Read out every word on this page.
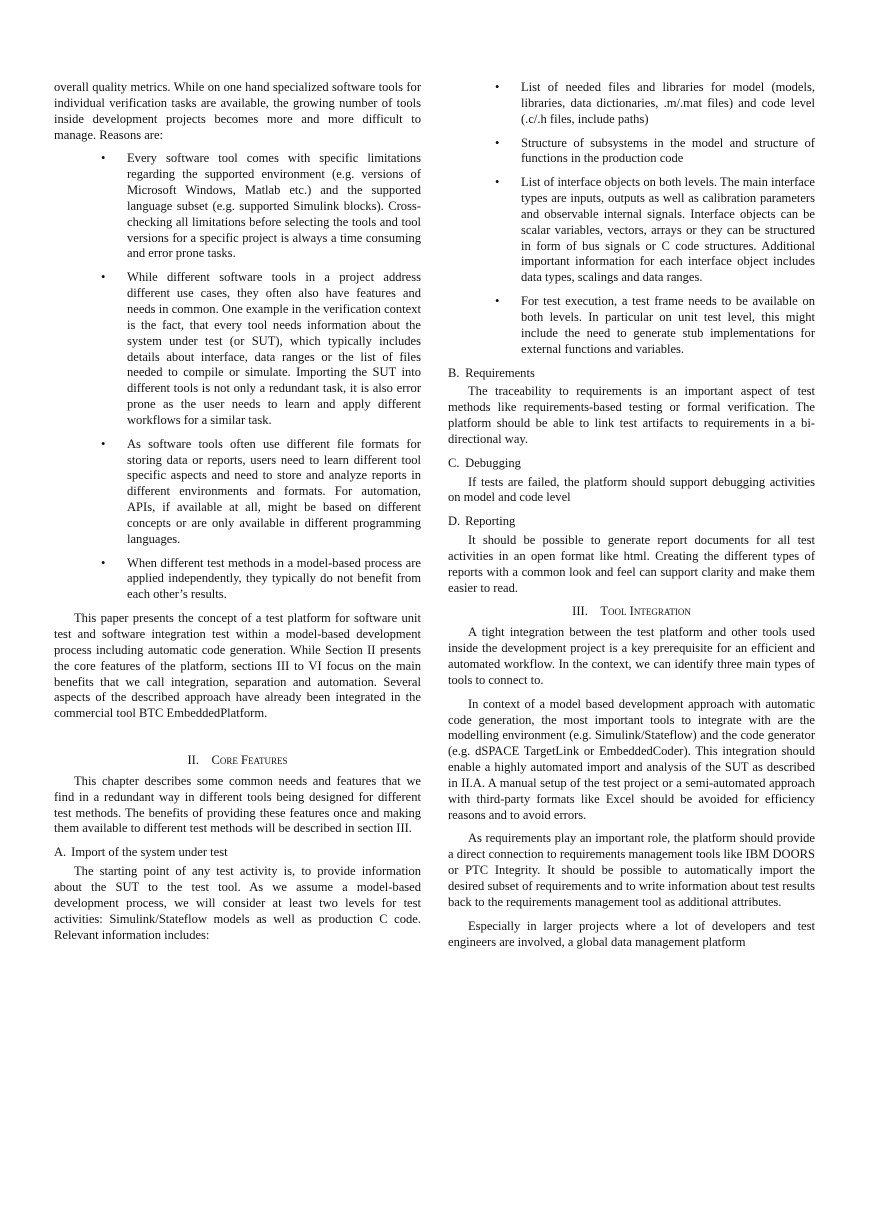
overall quality metrics. While on one hand specialized software tools for individual verification tasks are available, the growing number of tools inside development projects becomes more and more difficult to manage. Reasons are:

• Every software tool comes with specific limitations regarding the supported environment (e.g. versions of Microsoft Windows, Matlab etc.) and the supported language subset (e.g. supported Simulink blocks). Cross-checking all limitations before selecting the tools and tool versions for a specific project is always a time consuming and error prone tasks.
• While different software tools in a project address different use cases, they often also have features and needs in common. One example in the verification context is the fact, that every tool needs information about the system under test (or SUT), which typically includes details about interface, data ranges or the list of files needed to compile or simulate. Importing the SUT into different tools is not only a redundant task, it is also error prone as the user needs to learn and apply different workflows for a similar task.
• As software tools often use different file formats for storing data or reports, users need to learn different tool specific aspects and need to store and analyze reports in different environments and formats. For automation, APIs, if available at all, might be based on different concepts or are only available in different programming languages.
• When different test methods in a model-based process are applied independently, they typically do not benefit from each other’s results.

This paper presents the concept of a test platform for software unit test and software integration test within a model-based development process including automatic code generation. While Section II presents the core features of the platform, sections III to VI focus on the main benefits that we call integration, separation and automation. Several aspects of the described approach have already been integrated in the commercial tool BTC EmbeddedPlatform.

II. Core Features

This chapter describes some common needs and features that we find in a redundant way in different tools being designed for different test methods. The benefits of providing these features once and making them available to different test methods will be described in section III.

A. Import of the system under test

The starting point of any test activity is, to provide information about the SUT to the test tool. As we assume a model-based development process, we will consider at least two levels for test activities: Simulink/Stateflow models as well as production C code. Relevant information includes:

• List of needed files and libraries for model (models, libraries, data dictionaries, .m/.mat files) and code level (.c/.h files, include paths)
• Structure of subsystems in the model and structure of functions in the production code
• List of interface objects on both levels. The main interface types are inputs, outputs as well as calibration parameters and observable internal signals. Interface objects can be scalar variables, vectors, arrays or they can be structured in form of bus signals or C code structures. Additional important information for each interface object includes data types, scalings and data ranges.
• For test execution, a test frame needs to be available on both levels. In particular on unit test level, this might include the need to generate stub implementations for external functions and variables.
B. Requirements

The traceability to requirements is an important aspect of test methods like requirements-based testing or formal verification. The platform should be able to link test artifacts to requirements in a bi-directional way.

C. Debugging

If tests are failed, the platform should support debugging activities on model and code level

D. Reporting

It should be possible to generate report documents for all test activities in an open format like html. Creating the different types of reports with a common look and feel can support clarity and make them easier to read.

III. Tool Integration

A tight integration between the test platform and other tools used inside the development project is a key prerequisite for an efficient and automated workflow. In the context, we can identify three main types of tools to connect to.

In context of a model based development approach with automatic code generation, the most important tools to integrate with are the modelling environment (e.g. Simulink/Stateflow) and the code generator (e.g. dSPACE TargetLink or EmbeddedCoder). This integration should enable a highly automated import and analysis of the SUT as described in II.A. A manual setup of the test project or a semi-automated approach with third-party formats like Excel should be avoided for efficiency reasons and to avoid errors.

As requirements play an important role, the platform should provide a direct connection to requirements management tools like IBM DOORS or PTC Integrity. It should be possible to automatically import the desired subset of requirements and to write information about test results back to the requirements management tool as additional attributes.

Especially in larger projects where a lot of developers and test engineers are involved, a global data management platform
